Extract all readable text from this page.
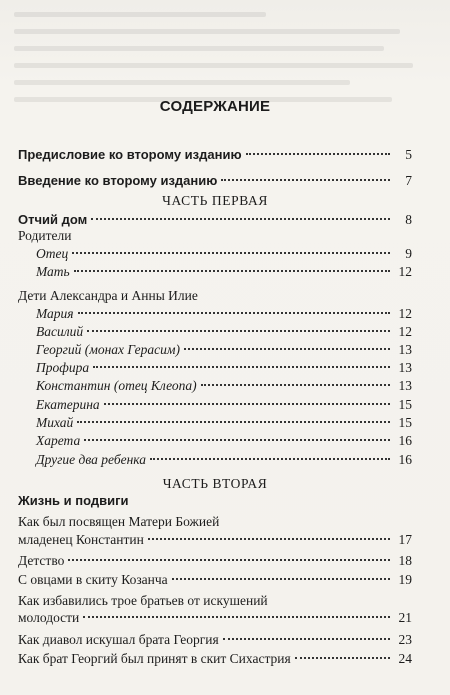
СОДЕРЖАНИЕ
Предисловие ко второму изданию	5
Введение ко второму изданию	7
ЧАСТЬ ПЕРВАЯ
Отчий дом	8
Родители
Отец	9
Мать	12
Дети Александра и Анны Илие
Мария	12
Василий	12
Георгий (монах Герасим)	13
Профира	13
Константин (отец Клеопа)	13
Екатерина	15
Михай	15
Харета	16
Другие два ребенка	16
ЧАСТЬ ВТОРАЯ
Жизнь и подвиги
Как был посвящен Матери Божией
младенец Константин	17
Детство	18
С овцами в скиту Козанча	19
Как избавились трое братьев от искушений
молодости	21
Как диавол искушал брата Георгия	23
Как брат Георгий был принят в скит Сихастрия	24
